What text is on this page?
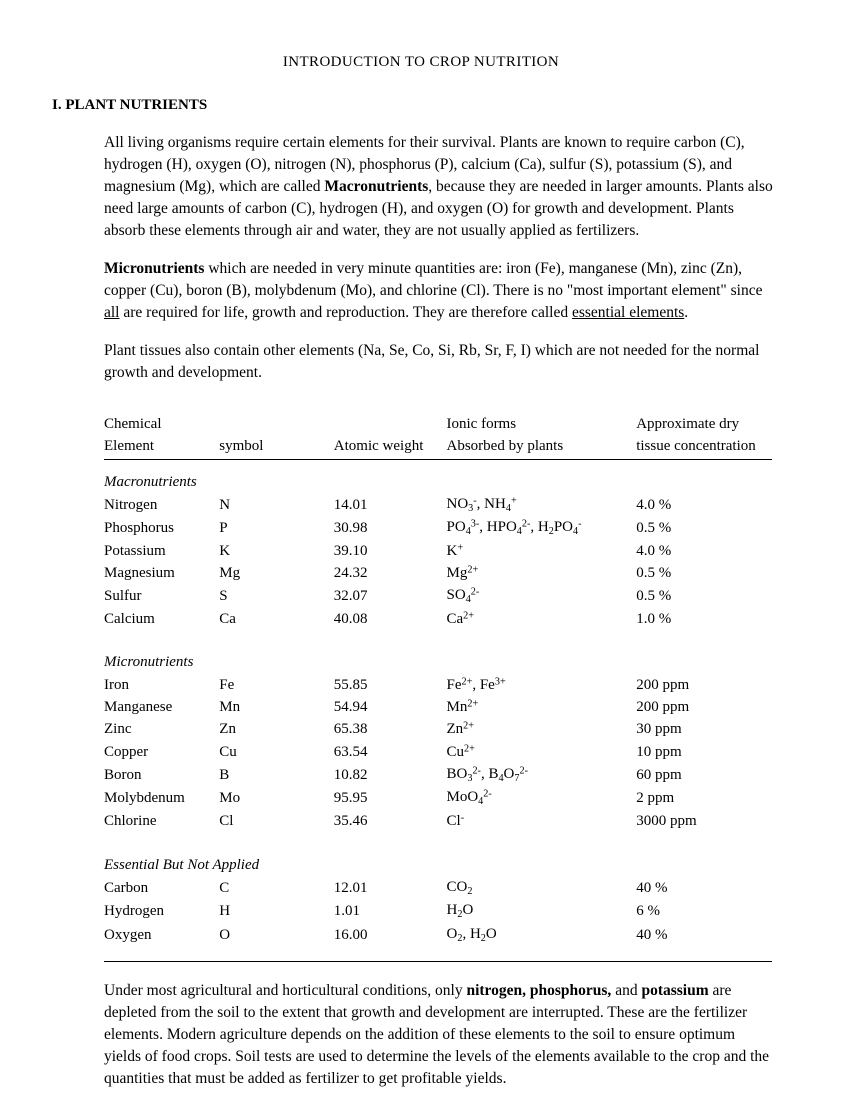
INTRODUCTION TO CROP NUTRITION
I. PLANT NUTRIENTS

All living organisms require certain elements for their survival. Plants are known to require carbon (C), hydrogen (H), oxygen (O), nitrogen (N), phosphorus (P), calcium (Ca), sulfur (S), potassium (S), and magnesium (Mg), which are called Macronutrients, because they are needed in larger amounts. Plants also need large amounts of carbon (C), hydrogen (H), and oxygen (O) for growth and development. Plants absorb these elements through air and water, they are not usually applied as fertilizers.

Micronutrients which are needed in very minute quantities are: iron (Fe), manganese (Mn), zinc (Zn), copper (Cu), boron (B), molybdenum (Mo), and chlorine (Cl). There is no "most important element" since all are required for life, growth and reproduction. They are therefore called essential elements.

Plant tissues also contain other elements (Na, Se, Co, Si, Rb, Sr, F, I) which are not needed for the normal growth and development.

Chemical			Ionic forms	Approximate dry
Element	symbol	Atomic weight	Absorbed by plants	tissue concentration
Macronutrients				
Nitrogen	N	14.01	$NO_3^-$, $NH_4^+$	4.0 %
Phosphorus	P	30.98	$PO_4^{3-}$, $HPO_4^{2-}$, $H_2PO_4^-$	0.5 %
Potassium	K	39.10	K+	4.0 %
Magnesium	Mg	24.32	$Mg^{2+}$	0.5 %
Sulfur	S	32.07	$SO_4^{2-}$	0.5 %
Calcium	Ca	40.08	$Ca^{2+}$	1.0 %

Micronutrients				
Iron	Fe	55.85	$Fe^{2+}$, $Fe^{3+}$	200 ppm
Manganese	Mn	54.94	$Mn^{2+}$	200 ppm
Zinc	Zn	65.38	$Zn^{2+}$	30 ppm
Copper	Cu	63.54	$Cu^{2+}$	10 ppm
Boron	B	10.82	$BO_3^{2-}$, $B_4O_7^{2-}$	60 ppm
Molybdenum	Mo	95.95	MoO$_4^{2-}$	2 ppm
Chlorine	Cl	35.46	Cl-	3000 ppm

Essential But Not Applied				
Carbon	C	12.01	$CO_2$	40 %
Hydrogen	H	1.01	$H_2O$	6 %
Oxygen	O	16.00	$O_2$, $H_2O$	40 %

Under most agricultural and horticultural conditions, only nitrogen, phosphorus, and potassium are depleted from the soil to the extent that growth and development are interrupted. These are the fertilizer elements. Modern agriculture depends on the addition of these elements to the soil to ensure optimum yields of food crops. Soil tests are used to determine the levels of the elements available to the crop and the quantities that must be added as fertilizer to get profitable yields.
